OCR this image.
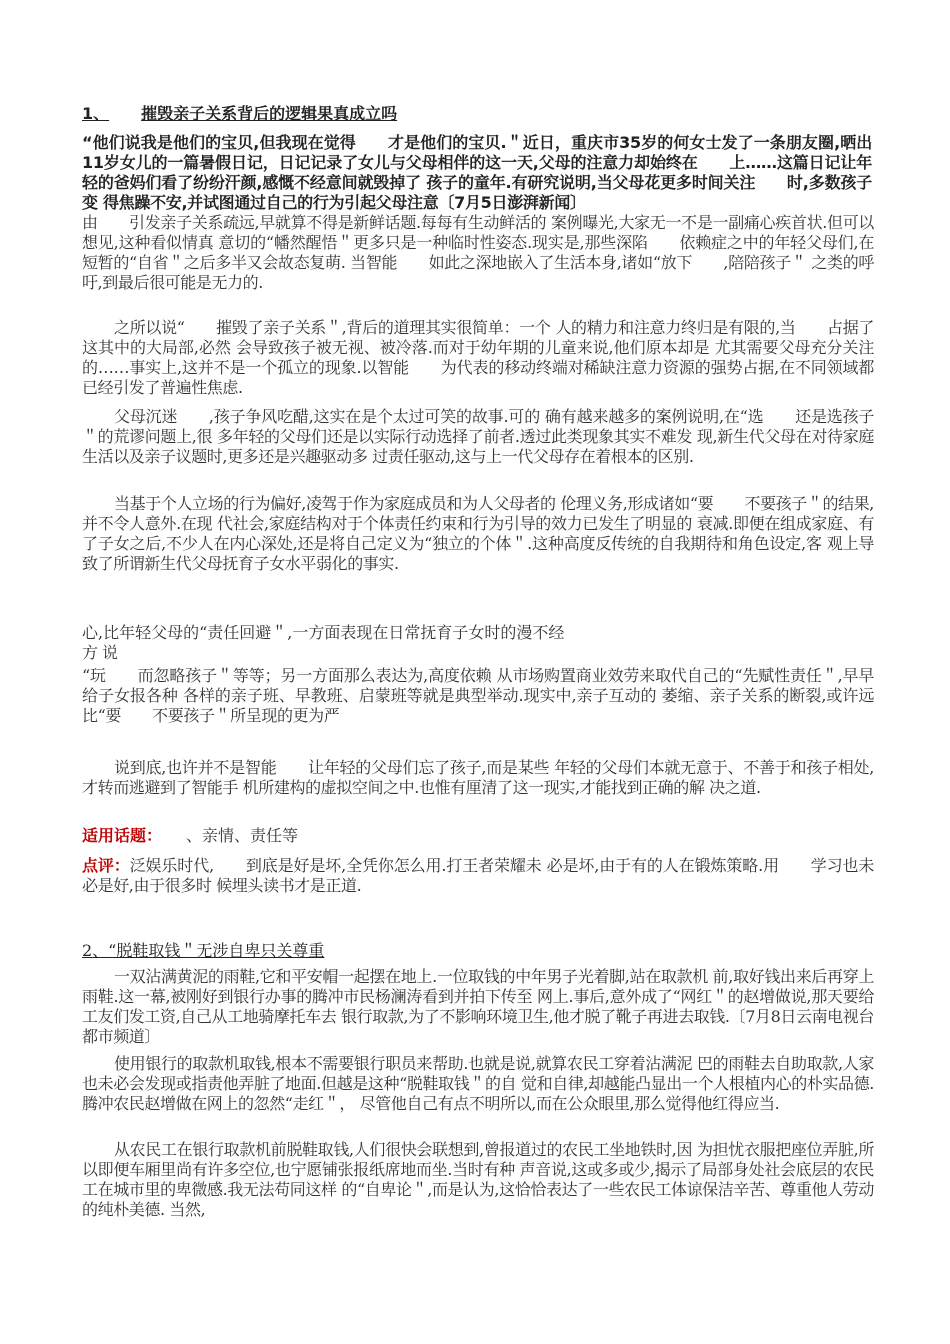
1、 摧毁亲子关系背后的逻辑果真成立吗
“他们说我是他们的宝贝,但我现在觉得　　才是他们的宝贝.＂近日，重庆市35岁的何女士发了一条朋友圈,晒出11岁女儿的一篇暑假日记，日记记录了女儿与父母相伴的这一天,父母的注意力却始终在　　上……这篇日记让年轻的爸妈们看了纷纷汗颜,感慨不经意间就毁掉了 孩子的童年.有研究说明,当父母花更多时间关注　　时,多数孩子变 得焦躁不安,并试图通过自己的行为引起父母注意〔7月5日澎湃新闻〕
由　　引发亲子关系疏远,早就算不得是新鲜话题.每每有生动鲜活的 案例曝光,大家无一不是一副痛心疾首状.但可以想见,这种看似情真 意切的“幡然醒悟＂更多只是一种临时性姿态.现实是,那些深陷　　依赖症之中的年轻父母们,在短暂的“自省＂之后多半又会故态复萌. 当智能　　如此之深地嵌入了生活本身,诸如“放下　　,陪陪孩子＂ 之类的呼吁,到最后很可能是无力的.
之所以说“　　摧毁了亲子关系＂,背后的道理其实很简单：一个 人的精力和注意力终归是有限的,当　　占据了这其中的大局部,必然 会导致孩子被无视、被冷落.而对于幼年期的儿童来说,他们原本却是 尤其需要父母充分关注的……事实上,这并不是一个孤立的现象.以智能　　为代表的移动终端对稀缺注意力资源的强势占据,在不同领域都 已经引发了普遍性焦虑.
父母沉迷　　,孩子争风吃醋,这实在是个太过可笑的故事.可的 确有越来越多的案例说明,在“选　　还是选孩子＂的荒谬问题上,很 多年轻的父母们还是以实际行动选择了前者.透过此类现象其实不难发 现,新生代父母在对待家庭生活以及亲子议题时,更多还是兴趣驱动多 过责任驱动,这与上一代父母存在着根本的区别.
当基于个人立场的行为偏好,凌驾于作为家庭成员和为人父母者的 伦理义务,形成诸如“要　　不要孩子＂的结果,并不令人意外.在现 代社会,家庭结构对于个体责任约束和行为引导的效力已发生了明显的 衰减.即便在组成家庭、有了子女之后,不少人在内心深处,还是将自己定义为“独立的个体＂.这种高度反传统的自我期待和角色设定,客 观上导致了所谓新生代父母抚育子女水平弱化的事实.
心,比年轻父母的“责任回避＂,一方面表现在日常抚育子女时的漫不经
方说
“玩　　而忽略孩子＂等等；另一方面那么表达为,高度依赖 从市场购置商业效劳来取代自己的“先赋性责任＂,早早给子女报各种 各样的亲子班、早教班、启蒙班等就是典型举动.现实中,亲子互动的 萎缩、亲子关系的断裂,或许远比“要　　不要孩子＂所呈现的更为严
说到底,也许并不是智能　　让年轻的父母们忘了孩子,而是某些 年轻的父母们本就无意于、不善于和孩子相处,才转而逃避到了智能手 机所建构的虚拟空间之中.也惟有厘清了这一现实,才能找到正确的解 决之道.
适用话题：　　、亲情、责任等
点评：泛娱乐时代,　　到底是好是坏,全凭你怎么用.打王者荣耀未 必是坏,由于有的人在锻炼策略.用　　学习也未必是好,由于很多时 候埋头读书才是正道.
2、“脱鞋取钱＂无涉自卑只关尊重
一双沾满黄泥的雨鞋,它和平安帽一起摆在地上.一位取钱的中年男子光着脚,站在取款机 前,取好钱出来后再穿上雨鞋.这一幕,被刚好到银行办事的腾冲市民杨澜涛看到并拍下传至 网上.事后,意外成了“网红＂的赵增做说,那天要给工友们发工资,自己从工地骑摩托车去 银行取款,为了不影响环境卫生,他才脱了靴子再进去取钱.〔7月8日云南电视台都市频道〕
使用银行的取款机取钱,根本不需要银行职员来帮助.也就是说,就算农民工穿着沾满泥 巴的雨鞋去自助取款,人家也未必会发现或指责他弄脏了地面.但越是这种“脱鞋取钱＂的自 觉和自律,却越能凸显出一个人根植内心的朴实品德.腾冲农民赵增做在网上的忽然“走红＂， 尽管他自己有点不明所以,而在公众眼里,那么觉得他红得应当.
从农民工在银行取款机前脱鞋取钱,人们很快会联想到,曾报道过的农民工坐地铁时,因 为担忧衣服把座位弄脏,所以即便车厢里尚有许多空位,也宁愿铺张报纸席地而坐.当时有种 声音说,这或多或少,揭示了局部身处社会底层的农民工在城市里的卑微感.我无法苟同这样 的“自卑论＂,而是认为,这恰恰表达了一些农民工体谅保洁辛苦、尊重他人劳动的纯朴美德. 当然,
